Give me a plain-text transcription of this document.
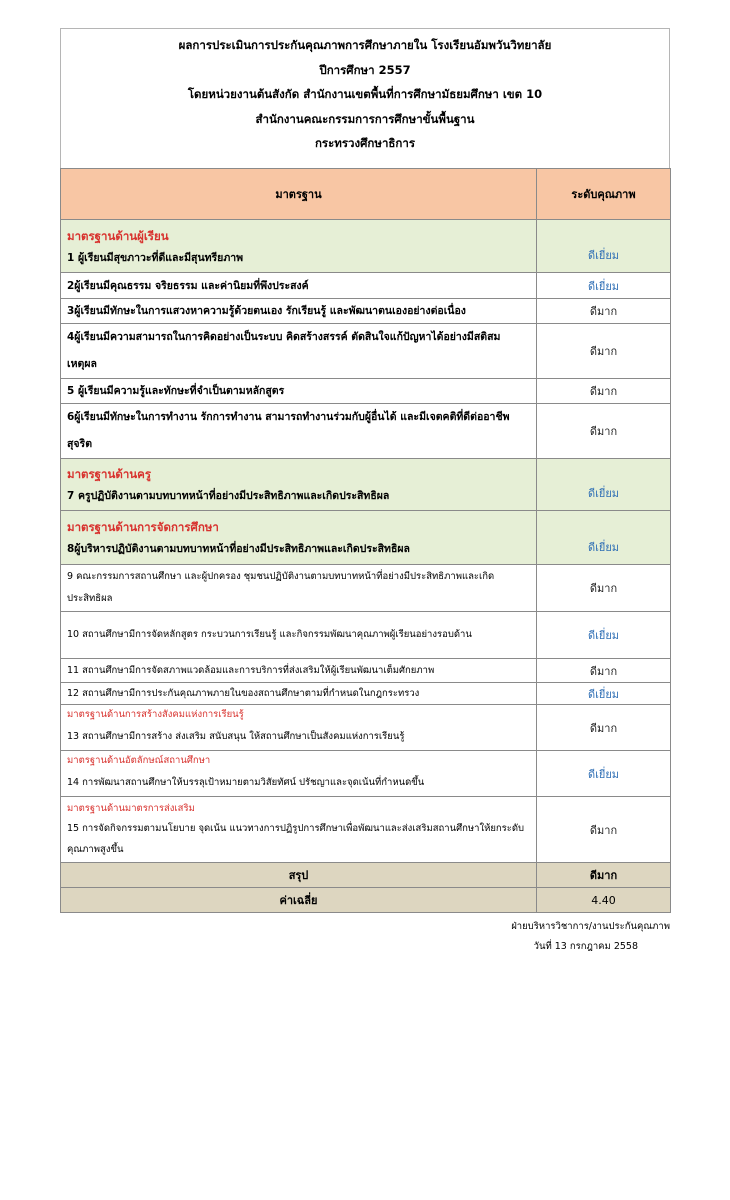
ผลการประเมินการประกันคุณภาพการศึกษาภายใน โรงเรียนอัมพวันวิทยาลัย
ปีการศึกษา 2557
โดยหน่วยงานต้นสังกัด สำนักงานเขตพื้นที่การศึกษามัธยมศึกษา เขต 10
สำนักงานคณะกรรมการการศึกษาขั้นพื้นฐาน
กระทรวงศึกษาธิการ
มาตรฐาน	ระดับคุณภาพ

มาตรฐานด้านผู้เรียน
1 ผู้เรียนมีสุขภาวะที่ดีและมีสุนทรียภาพ	ดีเยี่ยม
2ผู้เรียนมีคุณธรรม จริยธรรม และค่านิยมที่พึงประสงค์	ดีเยี่ยม
3ผู้เรียนมีทักษะในการแสวงหาความรู้ด้วยตนเอง รักเรียนรู้ และพัฒนาตนเองอย่างต่อเนื่อง	ดีมาก
4ผู้เรียนมีความสามารถในการคิดอย่างเป็นระบบ คิดสร้างสรรค์ ตัดสินใจแก้ปัญหาได้อย่างมีสติสมเหตุผล	ดีมาก
5 ผู้เรียนมีความรู้และทักษะที่จำเป็นตามหลักสูตร	ดีมาก
6ผู้เรียนมีทักษะในการทำงาน รักการทำงาน สามารถทำงานร่วมกับผู้อื่นได้ และมีเจตคติที่ดีต่ออาชีพสุจริต	ดีมาก

มาตรฐานด้านครู
7 ครูปฏิบัติงานตามบทบาทหน้าที่อย่างมีประสิทธิภาพและเกิดประสิทธิผล	ดีเยี่ยม

มาตรฐานด้านการจัดการศึกษา
8ผู้บริหารปฏิบัติงานตามบทบาทหน้าที่อย่างมีประสิทธิภาพและเกิดประสิทธิผล	ดีเยี่ยม
9 คณะกรรมการสถานศึกษา และผู้ปกครอง ชุมชนปฏิบัติงานตามบทบาทหน้าที่อย่างมีประสิทธิภาพและเกิดประสิทธิผล	ดีมาก
10 สถานศึกษามีการจัดหลักสูตร กระบวนการเรียนรู้ และกิจกรรมพัฒนาคุณภาพผู้เรียนอย่างรอบด้าน	ดีเยี่ยม
11 สถานศึกษามีการจัดสภาพแวดล้อมและการบริการที่ส่งเสริมให้ผู้เรียนพัฒนาเต็มศักยภาพ	ดีมาก
12 สถานศึกษามีการประกันคุณภาพภายในของสถานศึกษาตามที่กำหนดในกฎกระทรวง	ดีเยี่ยม

มาตรฐานด้านการสร้างสังคมแห่งการเรียนรู้
13 สถานศึกษามีการสร้าง ส่งเสริม สนับสนุน ให้สถานศึกษาเป็นสังคมแห่งการเรียนรู้	ดีมาก

มาตรฐานด้านอัตลักษณ์สถานศึกษา
14 การพัฒนาสถานศึกษาให้บรรลุเป้าหมายตามวิสัยทัศน์ ปรัชญาและจุดเน้นที่กำหนดขึ้น	ดีเยี่ยม

มาตรฐานด้านมาตรการส่งเสริม
15 การจัดกิจกรรมตามนโยบาย จุดเน้น แนวทางการปฏิรูปการศึกษาเพื่อพัฒนาและส่งเสริมสถานศึกษาให้ยกระดับคุณภาพสูงขึ้น	ดีมาก
สรุป	ดีมาก
ค่าเฉลี่ย	4.40
ฝ่ายบริหารวิชาการ/งานประกันคุณภาพ
วันที่ 13 กรกฎาคม 2558
